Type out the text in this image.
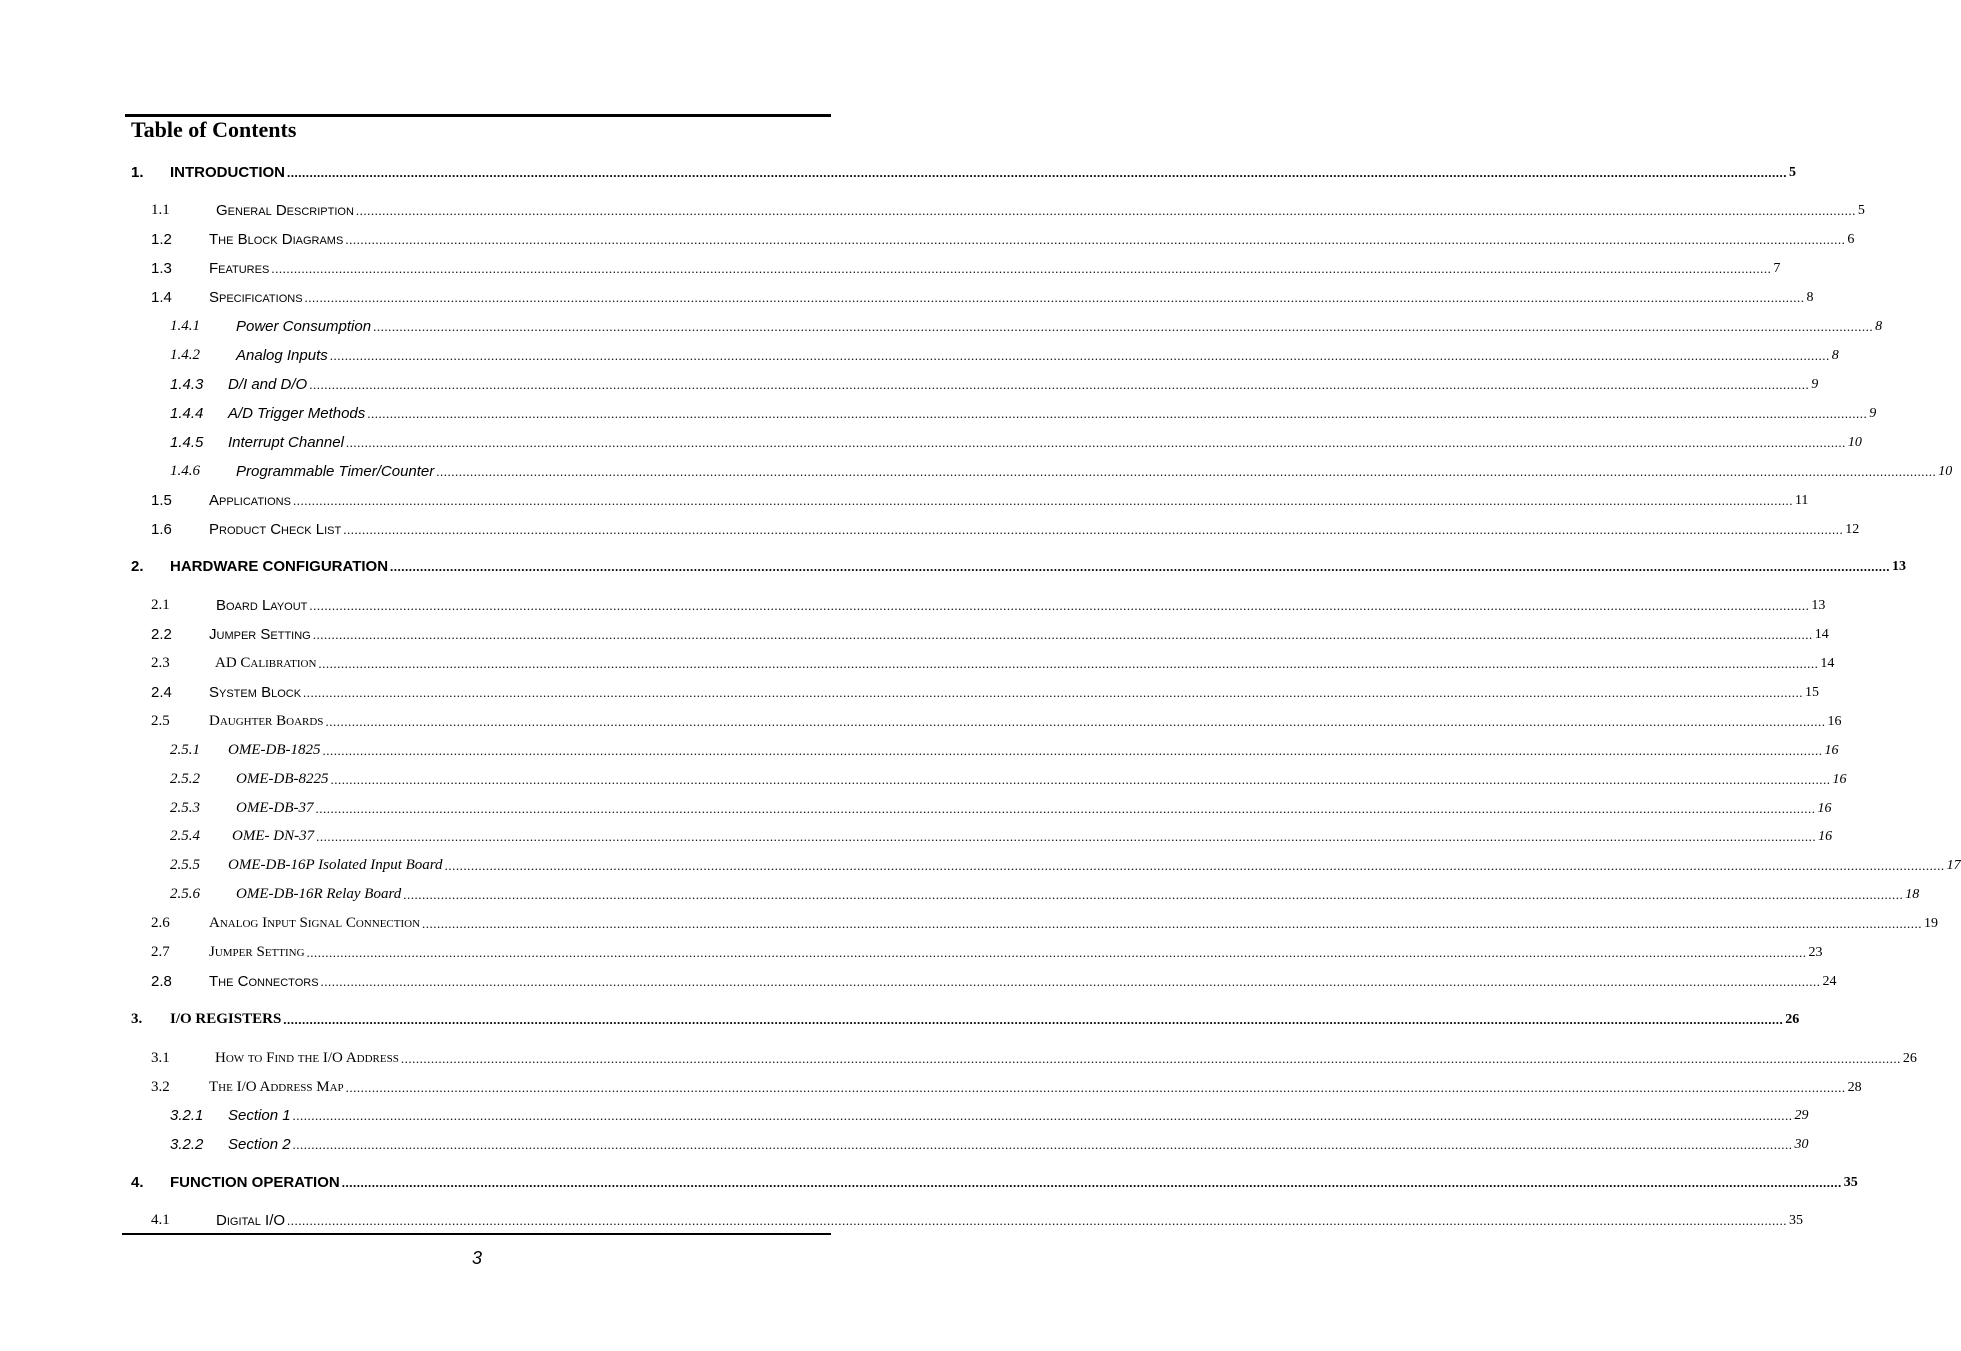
Table of Contents
1. INTRODUCTION ................................................................................................................................................................................................................................................................................................................................................................................................................ 5
1.1	General Description ................................................................................................................................................................................................................................................................................................................................................................................................................ 5
1.2 The Block Diagrams ................................................................................................................................................................................................................................................................................................................................................................................................................ 6
1.3 Features ................................................................................................................................................................................................................................................................................................................................................................................................................ 7
1.4 Specifications ................................................................................................................................................................................................................................................................................................................................................................................................................ 8
1.4.1 Power Consumption ................................................................................................................................................................................................................................................................................................................................................................................................................ 8
1.4.2 Analog Inputs ................................................................................................................................................................................................................................................................................................................................................................................................................ 8
1.4.3 D/I and D/O ................................................................................................................................................................................................................................................................................................................................................................................................................ 9
1.4.4 A/D Trigger Methods ................................................................................................................................................................................................................................................................................................................................................................................................................ 9
1.4.5 Interrupt Channel ................................................................................................................................................................................................................................................................................................................................................................................................................ 10
1.4.6 Programmable Timer/Counter ................................................................................................................................................................................................................................................................................................................................................................................................................ 10
1.5 Applications ................................................................................................................................................................................................................................................................................................................................................................................................................ 11
1.6 Product Check List ................................................................................................................................................................................................................................................................................................................................................................................................................ 12
2. HARDWARE CONFIGURATION ................................................................................................................................................................................................................................................................................................................................................................................................................ 13
2.1	Board Layout ................................................................................................................................................................................................................................................................................................................................................................................................................ 13
2.2 Jumper Setting ................................................................................................................................................................................................................................................................................................................................................................................................................ 14
2.3	AD Calibration ................................................................................................................................................................................................................................................................................................................................................................................................................ 14
2.4 System Block ................................................................................................................................................................................................................................................................................................................................................................................................................ 15
2.5	Daughter Boards ................................................................................................................................................................................................................................................................................................................................................................................................................ 16
2.5.1 OME-DB-1825 ................................................................................................................................................................................................................................................................................................................................................................................................................ 16
2.5.2 OME-DB-8225 ................................................................................................................................................................................................................................................................................................................................................................................................................ 16
2.5.3 OME-DB-37 ................................................................................................................................................................................................................................................................................................................................................................................................................ 16
2.5.4 OME- DN-37 ................................................................................................................................................................................................................................................................................................................................................................................................................ 16
2.5.5 OME-DB-16P Isolated Input Board ................................................................................................................................................................................................................................................................................................................................................................................................................ 17
2.5.6 OME-DB-16R Relay Board ................................................................................................................................................................................................................................................................................................................................................................................................................ 18
2.6	Analog Input Signal Connection ................................................................................................................................................................................................................................................................................................................................................................................................................ 19
2.7	Jumper Setting ................................................................................................................................................................................................................................................................................................................................................................................................................ 23
2.8 The Connectors ................................................................................................................................................................................................................................................................................................................................................................................................................ 24
3. I/O REGISTERS ................................................................................................................................................................................................................................................................................................................................................................................................................ 26
3.1	How to Find the I/O Address ................................................................................................................................................................................................................................................................................................................................................................................................................ 26
3.2	The I/O Address Map ................................................................................................................................................................................................................................................................................................................................................................................................................ 28
3.2.1 Section 1 ................................................................................................................................................................................................................................................................................................................................................................................................................ 29
3.2.2 Section 2 ................................................................................................................................................................................................................................................................................................................................................................................................................ 30
4. FUNCTION OPERATION ................................................................................................................................................................................................................................................................................................................................................................................................................ 35
4.1	Digital I/O ................................................................................................................................................................................................................................................................................................................................................................................................................ 35
3
